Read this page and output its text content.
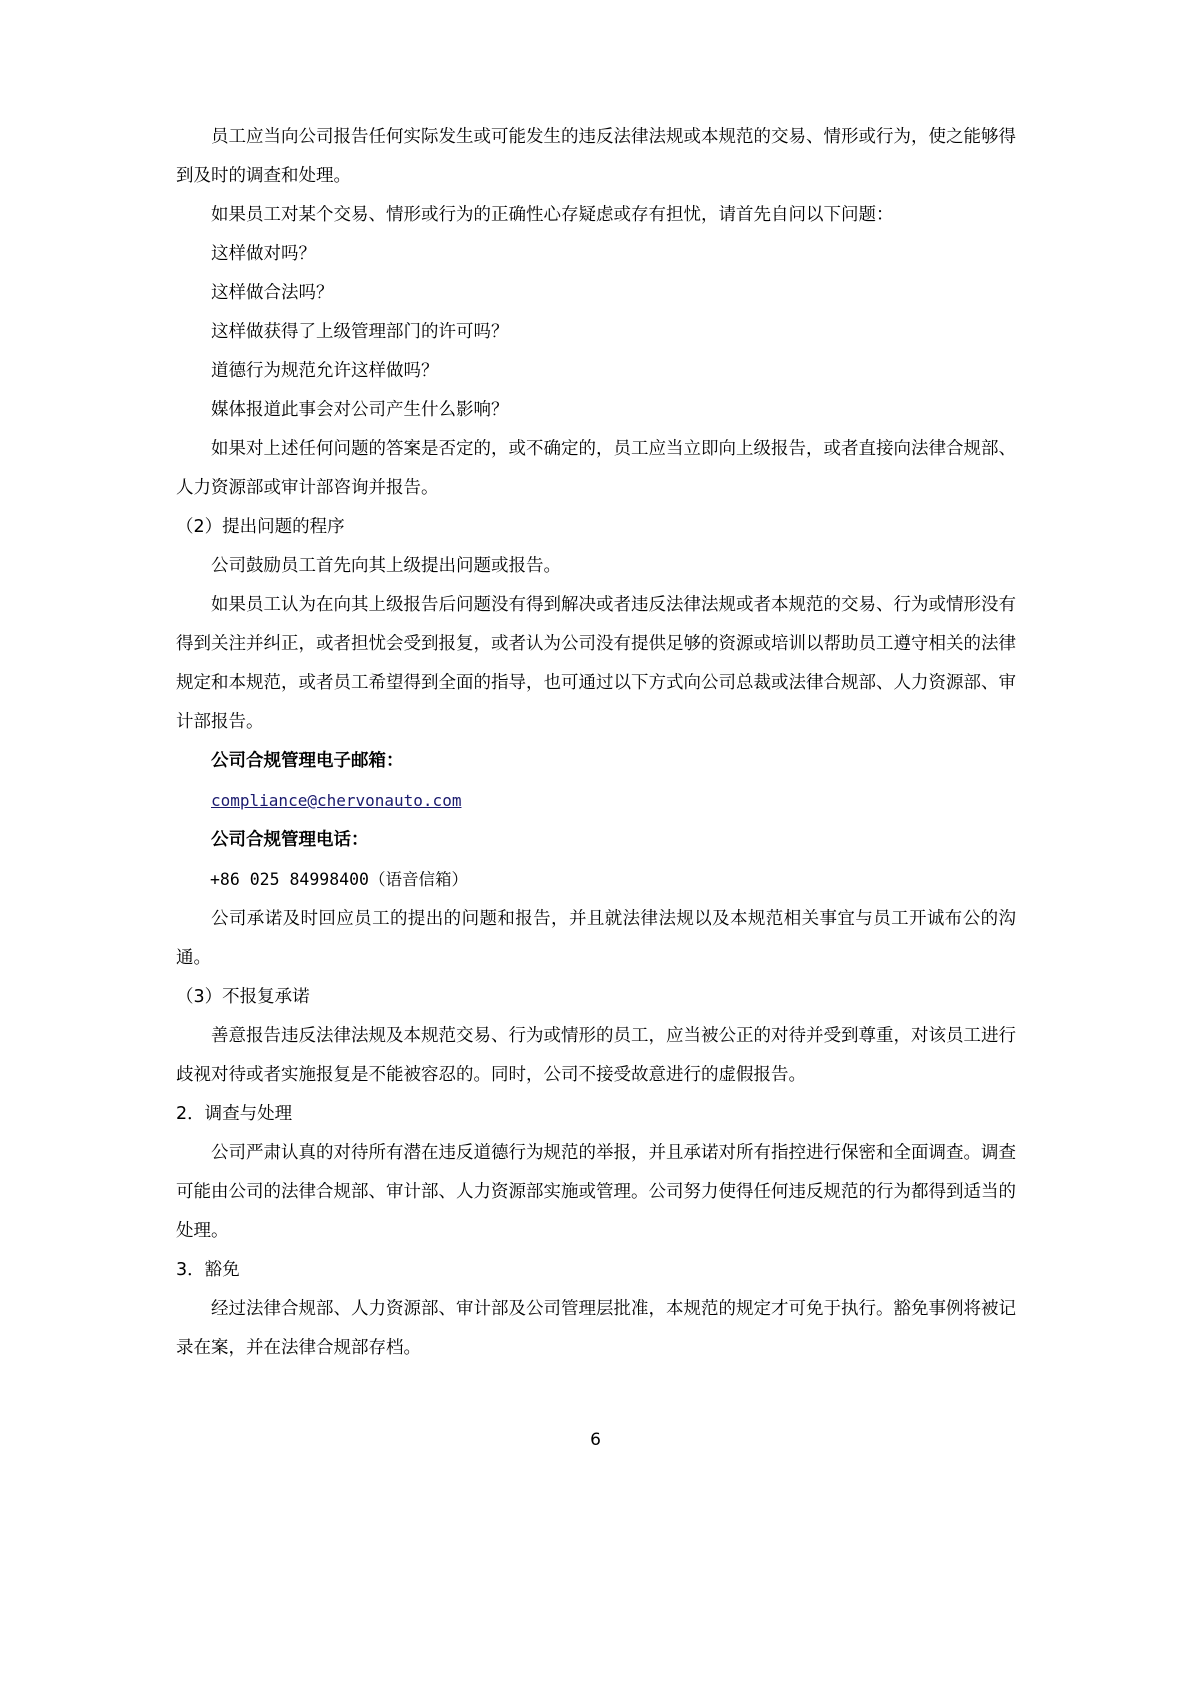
员工应当向公司报告任何实际发生或可能发生的违反法律法规或本规范的交易、情形或行为，使之能够得到及时的调查和处理。

如果员工对某个交易、情形或行为的正确性心存疑虑或存有担忧，请首先自问以下问题：

这样做对吗？

这样做合法吗？

这样做获得了上级管理部门的许可吗？

道德行为规范允许这样做吗？

媒体报道此事会对公司产生什么影响？

如果对上述任何问题的答案是否定的，或不确定的，员工应当立即向上级报告，或者直接向法律合规部、人力资源部或审计部咨询并报告。

（2）提出问题的程序

公司鼓励员工首先向其上级提出问题或报告。

如果员工认为在向其上级报告后问题没有得到解决或者违反法律法规或者本规范的交易、行为或情形没有得到关注并纠正，或者担忧会受到报复，或者认为公司没有提供足够的资源或培训以帮助员工遵守相关的法律规定和本规范，或者员工希望得到全面的指导，也可通过以下方式向公司总裁或法律合规部、人力资源部、审计部报告。

公司合规管理电子邮箱：

compliance@chervonauto.com

公司合规管理电话：

+86 025 84998400（语音信箱）

公司承诺及时回应员工的提出的问题和报告，并且就法律法规以及本规范相关事宜与员工开诚布公的沟通。

（3）不报复承诺

善意报告违反法律法规及本规范交易、行为或情形的员工，应当被公正的对待并受到尊重，对该员工进行歧视对待或者实施报复是不能被容忍的。同时，公司不接受故意进行的虚假报告。

2．调查与处理

公司严肃认真的对待所有潜在违反道德行为规范的举报，并且承诺对所有指控进行保密和全面调查。调查可能由公司的法律合规部、审计部、人力资源部实施或管理。公司努力使得任何违反规范的行为都得到适当的处理。

3．豁免

经过法律合规部、人力资源部、审计部及公司管理层批准，本规范的规定才可免于执行。豁免事例将被记录在案，并在法律合规部存档。

6
